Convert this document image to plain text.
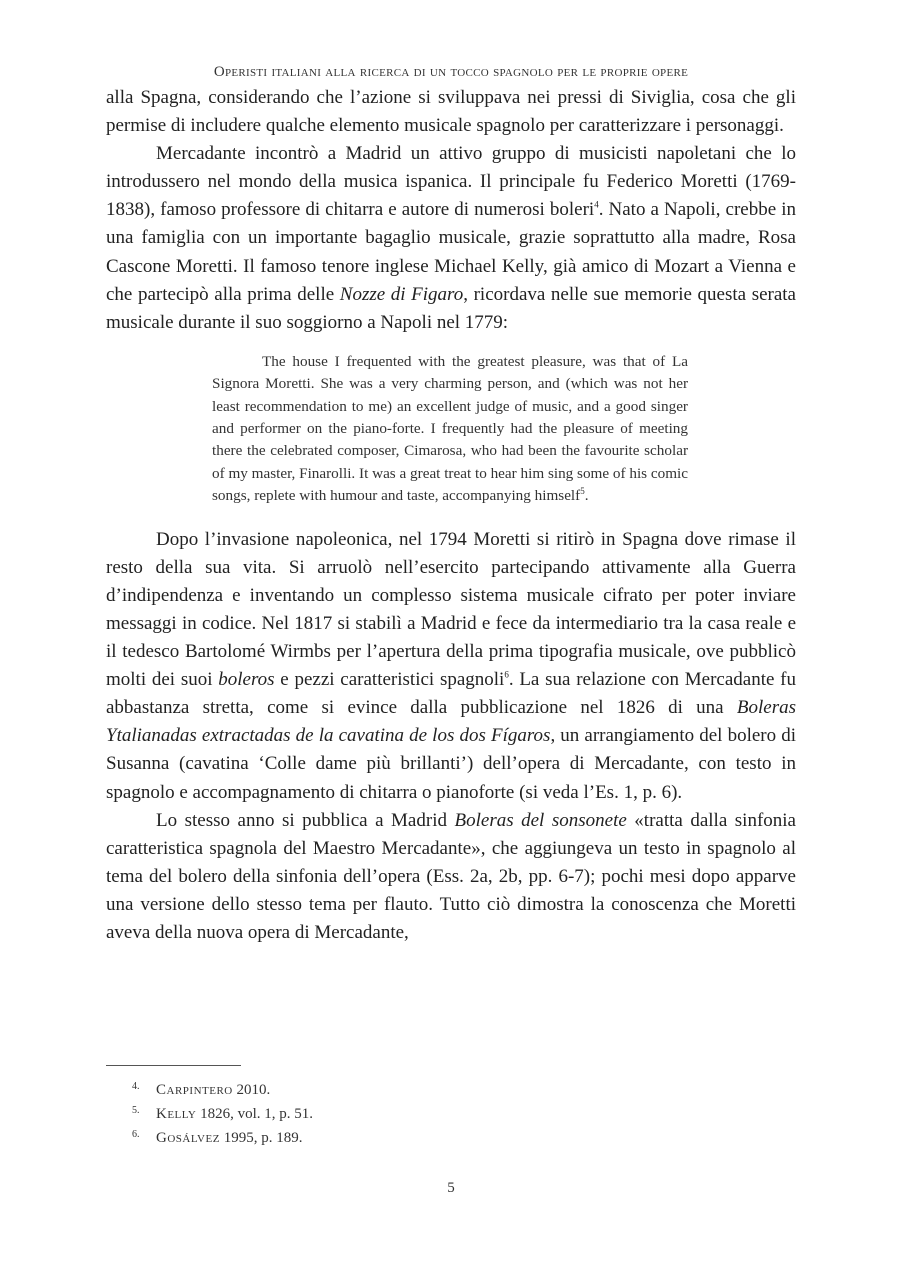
Operisti italiani alla ricerca di un tocco spagnolo per le proprie opere

alla Spagna, considerando che l’azione si sviluppava nei pressi di Siviglia, cosa che gli permise di includere qualche elemento musicale spagnolo per caratterizzare i personaggi.

Mercadante incontrò a Madrid un attivo gruppo di musicisti napoletani che lo introdussero nel mondo della musica ispanica. Il principale fu Federico Moretti (1769-1838), famoso professore di chitarra e autore di numerosi boleri$^4$. Nato a Napoli, crebbe in una famiglia con un importante bagaglio musicale, grazie soprattutto alla madre, Rosa Cascone Moretti. Il famoso tenore inglese Michael Kelly, già amico di Mozart a Vienna e che partecipò alla prima delle Nozze di Figaro, ricordava nelle sue memorie questa serata musicale durante il suo soggiorno a Napoli nel 1779:

The house I frequented with the greatest pleasure, was that of La Signora Moretti. She was a very charming person, and (which was not her least recommendation to me) an excellent judge of music, and a good singer and performer on the piano-forte. I frequently had the pleasure of meeting there the celebrated composer, Cimarosa, who had been the favourite scholar of my master, Finarolli. It was a great treat to hear him sing some of his comic songs, replete with humour and taste, accompanying himself$^5$.

Dopo l’invasione napoleonica, nel 1794 Moretti si ritirò in Spagna dove rimase il resto della sua vita. Si arruolò nell’esercito partecipando attivamente alla Guerra d’indipendenza e inventando un complesso sistema musicale cifrato per poter inviare messaggi in codice. Nel 1817 si stabilì a Madrid e fece da intermediario tra la casa reale e il tedesco Bartolomé Wirmbs per l’apertura della prima tipografia musicale, ove pubblicò molti dei suoi boleros e pezzi caratteristici spagnoli$^6$. La sua relazione con Mercadante fu abbastanza stretta, come si evince dalla pubblicazione nel 1826 di una Boleras Ytalianadas extractadas de la cavatina de los dos Fígaros, un arrangiamento del bolero di Susanna (cavatina ‘Colle dame più brillanti’) dell’opera di Mercadante, con testo in spagnolo e accompagnamento di chitarra o pianoforte (si veda l’Es. 1, p. 6).

Lo stesso anno si pubblica a Madrid Boleras del sonsonete «tratta dalla sinfonia caratteristica spagnola del Maestro Mercadante», che aggiungeva un testo in spagnolo al tema del bolero della sinfonia dell’opera (Ess. 2a, 2b, pp. 6-7); pochi mesi dopo apparve una versione dello stesso tema per flauto. Tutto ciò dimostra la conoscenza che Moretti aveva della nuova opera di Mercadante,

4. Carpintero 2010.

5. Kelly 1826, vol. 1, p. 51.

6. Gosálvez 1995, p. 189.

5
